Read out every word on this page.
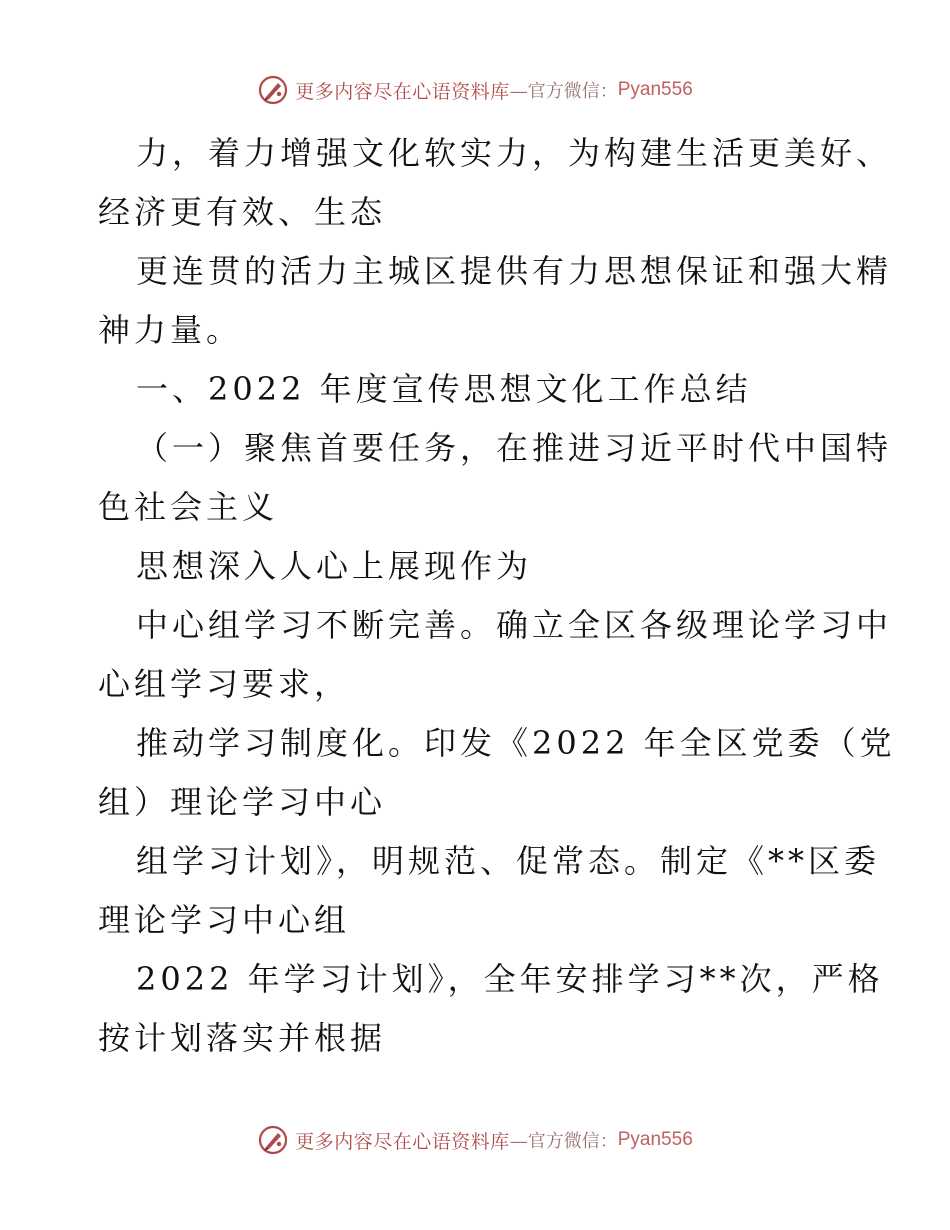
更多内容尽在心语资料库 —官方微信： Pyan556
力，着力增强文化软实力，为构建生活更美好、
经济更有效、生态
更连贯的活力主城区提供有力思想保证和强大精
神力量。
一、2022 年度宣传思想文化工作总结
（一）聚焦首要任务，在推进习近平时代中国特
色社会主义
思想深入人心上展现作为
中心组学习不断完善。确立全区各级理论学习中
心组学习要求，
推动学习制度化。印发《2022 年全区党委（党
组）理论学习中心
组学习计划》，明规范、促常态。制定《**区委
理论学习中心组
2022 年学习计划》，全年安排学习**次，严格
按计划落实并根据
更多内容尽在心语资料库 —官方微信： Pyan556
